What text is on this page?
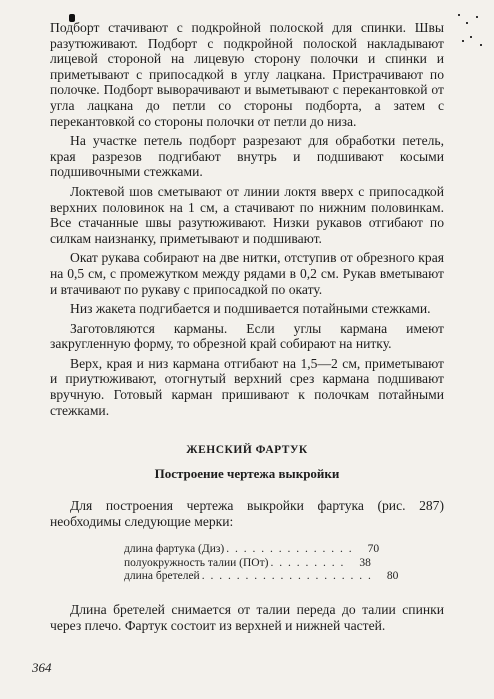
Подборт стачивают с подкройной полоской для спинки. Швы разутюживают. Подборт с подкройной полоской накладывают лицевой стороной на лицевую сторону полочки и спинки и приметывают с припосадкой в углу лацкана. Пристрачивают по полочке. Подборт выворачивают и выметывают с перекантовкой от угла лацкана до петли со стороны подборта, а затем с перекантовкой со стороны полочки от петли до низа.

На участке петель подборт разрезают для обработки петель, края разрезов подгибают внутрь и подшивают косыми подшивочными стежками.

Локтевой шов сметывают от линии локтя вверх с припосадкой верхних половинок на 1 см, а стачивают по нижним половинкам. Все стачанные швы разутюживают. Низки рукавов отгибают по силкам наизнанку, приметывают и подшивают.

Окат рукава собирают на две нитки, отступив от обрезного края на 0,5 см, с промежутком между рядами в 0,2 см. Рукав вметывают и втачивают по рукаву с припосадкой по окату.

Низ жакета подгибается и подшивается потайными стежками.

Заготовляются карманы. Если углы кармана имеют закругленную форму, то обрезной край собирают на нитку.

Верх, края и низ кармана отгибают на 1,5—2 см, приметывают и приутюживают, отогнутый верхний срез кармана подшивают вручную. Готовый карман пришивают к полочкам потайными стежками.

ЖЕНСКИЙ ФАРТУК
Построение чертежа выкройки

Для построения чертежа выкройки фартука (рис. 287) необходимы следующие мерки:

длина фартука (Диз) . . . . . . . . . . . . . . .	70
полуокружность талии (ПОт) . . . . . . . . .	38
длина бретелей . . . . . . . . . . . . . . . . . . . .	80

Длина бретелей снимается от талии переда до талии спинки через плечо. Фартук состоит из верхней и нижней частей.

364
